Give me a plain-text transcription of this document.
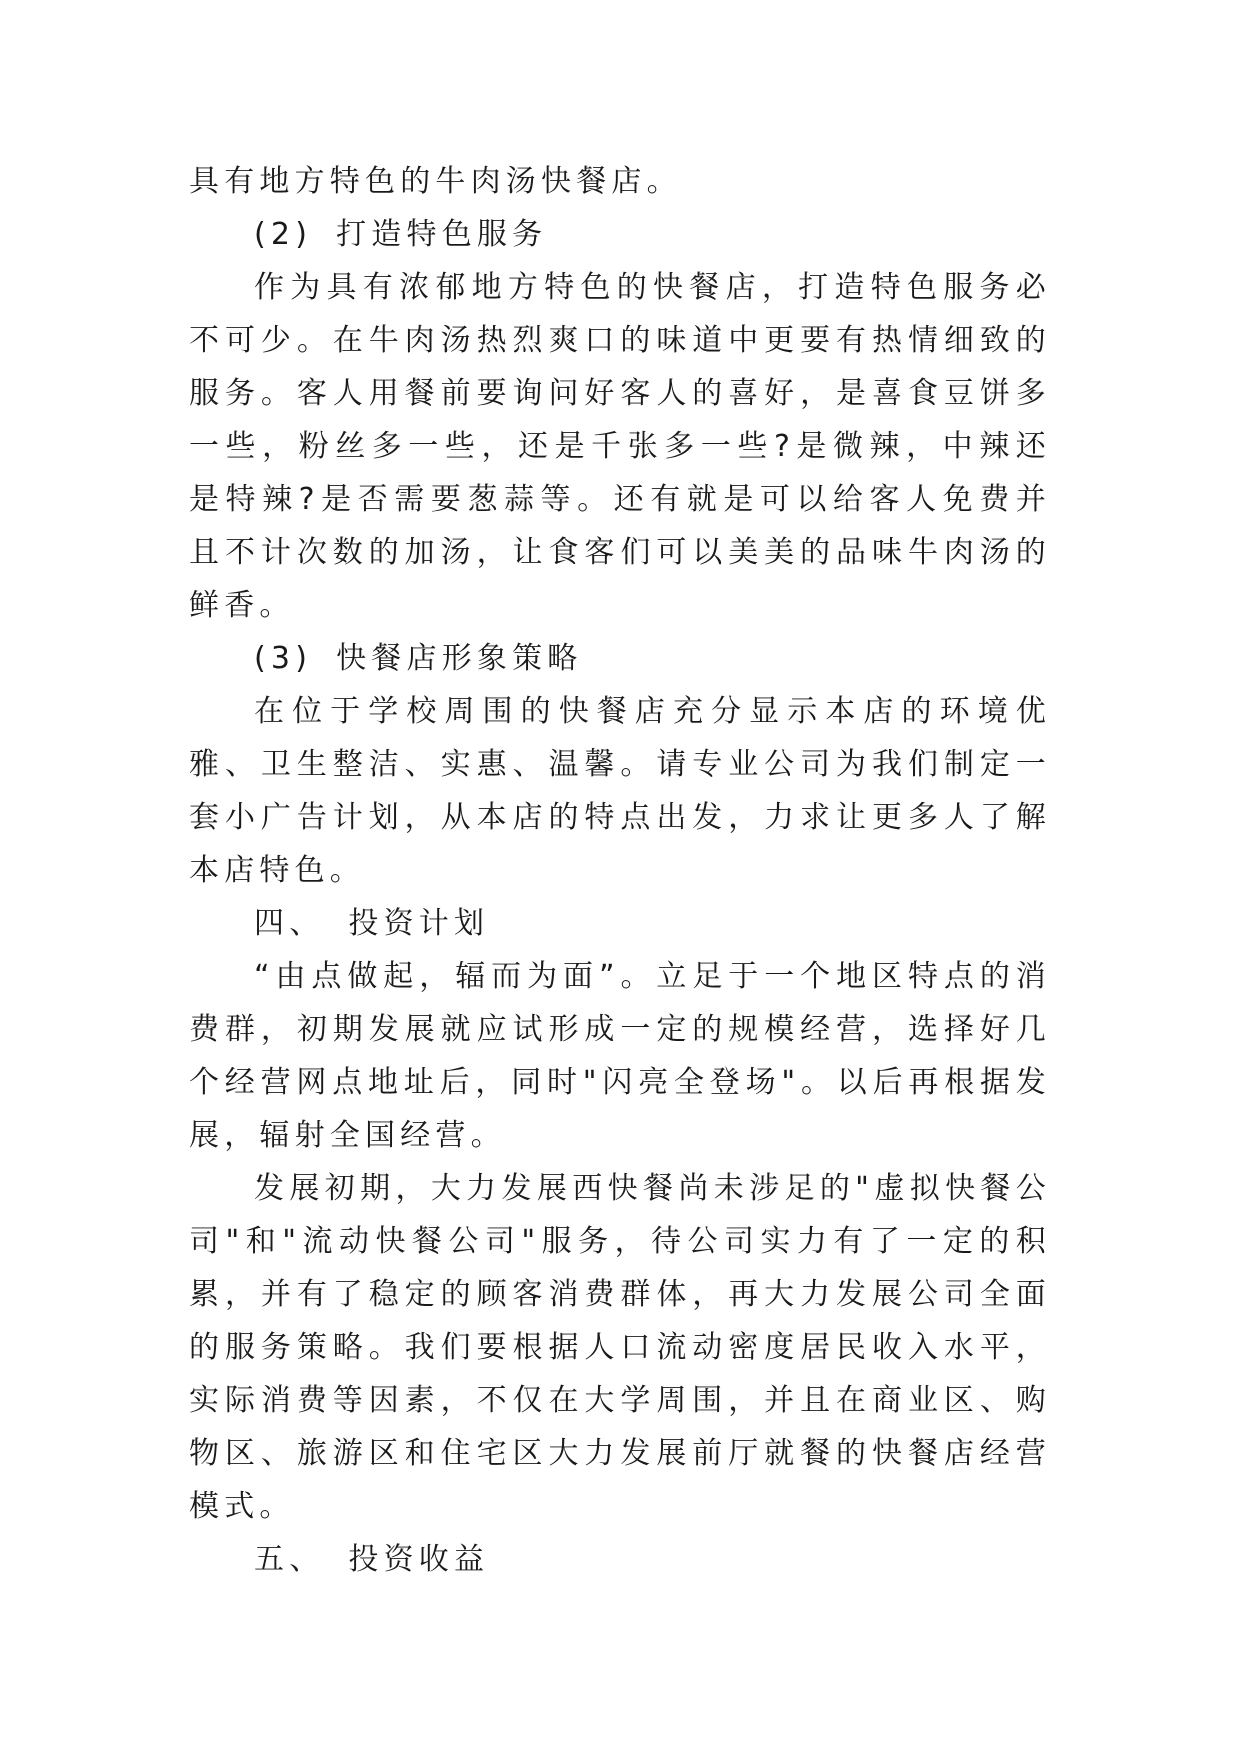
具有地方特色的牛肉汤快餐店。

(2) 打造特色服务

作为具有浓郁地方特色的快餐店，打造特色服务必不可少。在牛肉汤热烈爽口的味道中更要有热情细致的服务。客人用餐前要询问好客人的喜好，是喜食豆饼多一些，粉丝多一些，还是千张多一些?是微辣，中辣还是特辣?是否需要葱蒜等。还有就是可以给客人免费并且不计次数的加汤，让食客们可以美美的品味牛肉汤的鲜香。

(3) 快餐店形象策略

在位于学校周围的快餐店充分显示本店的环境优雅、卫生整洁、实惠、温馨。请专业公司为我们制定一套小广告计划，从本店的特点出发，力求让更多人了解本店特色。

四、 投资计划

“由点做起，辐而为面”。立足于一个地区特点的消费群，初期发展就应试形成一定的规模经营，选择好几个经营网点地址后，同时"闪亮全登场"。以后再根据发展，辐射全国经营。

发展初期，大力发展西快餐尚未涉足的"虚拟快餐公司"和"流动快餐公司"服务，待公司实力有了一定的积累，并有了稳定的顾客消费群体，再大力发展公司全面的服务策略。我们要根据人口流动密度居民收入水平，实际消费等因素，不仅在大学周围，并且在商业区、购物区、旅游区和住宅区大力发展前厅就餐的快餐店经营模式。

五、 投资收益
